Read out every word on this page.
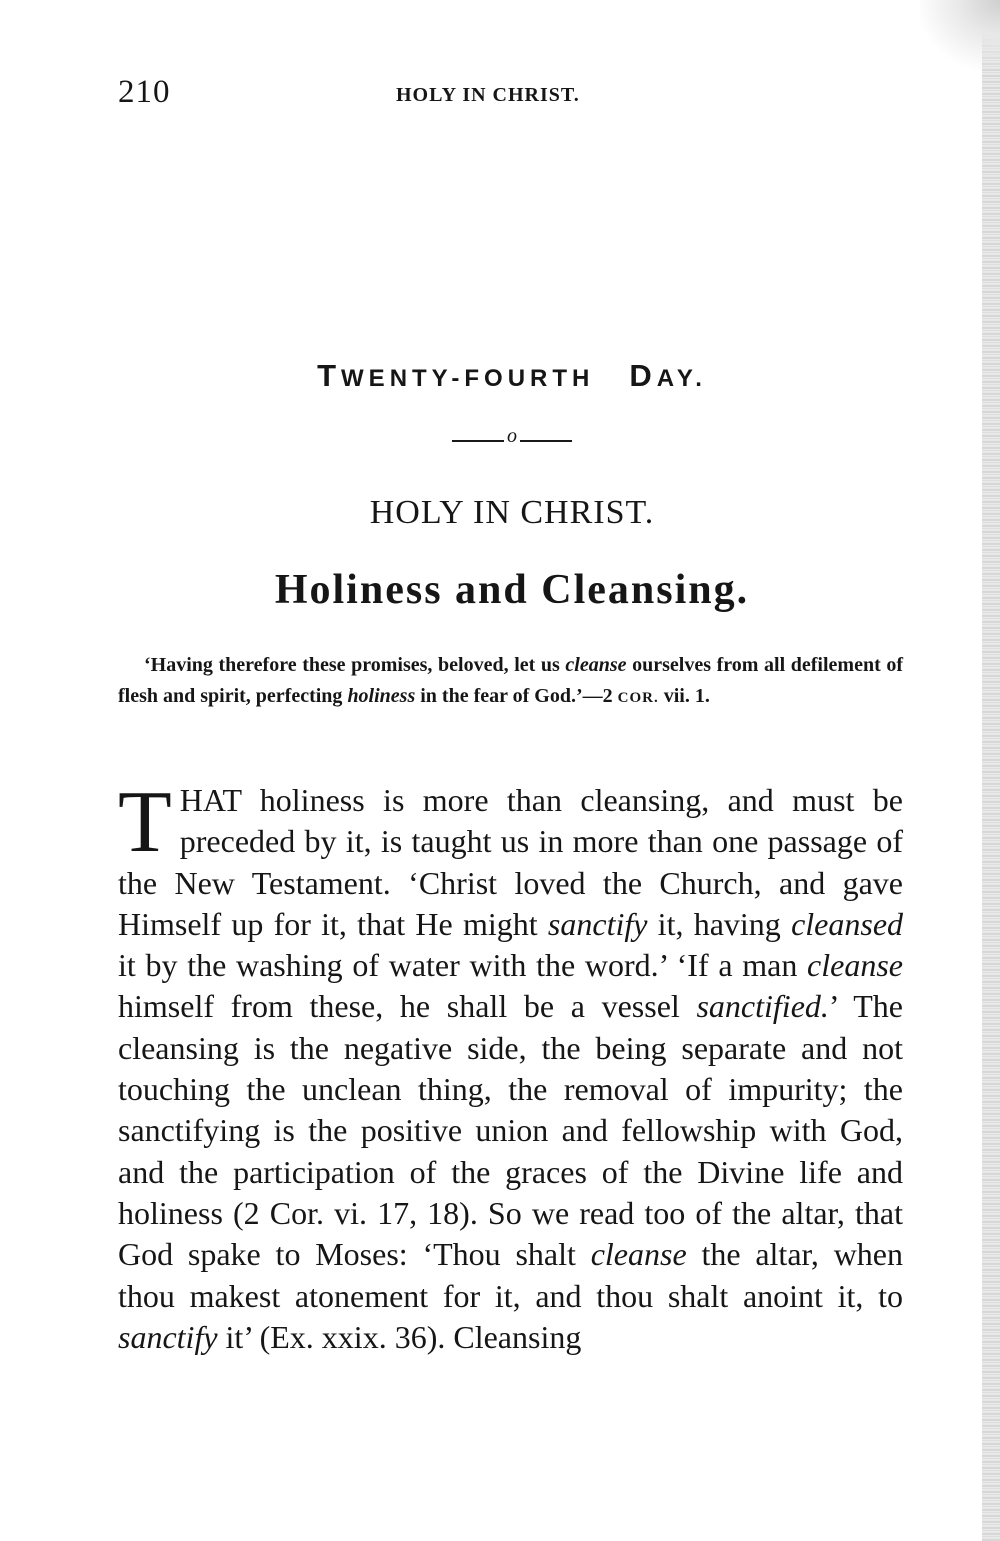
210	HOLY IN CHRIST.
TWENTY-FOURTH DAY.
o
HOLY IN CHRIST.
Holiness and Cleansing.

‘Having therefore these promises, beloved, let us cleanse ourselves from all defilement of flesh and spirit, perfecting holiness in the fear of God.’—2 COR. vii. 1.

THAT holiness is more than cleansing, and must be preceded by it, is taught us in more than one passage of the New Testament. ‘Christ loved the Church, and gave Himself up for it, that He might sanctify it, having cleansed it by the washing of water with the word.’ ‘If a man cleanse himself from these, he shall be a vessel sanctified.’ The cleansing is the negative side, the being separate and not touching the unclean thing, the removal of impurity; the sanctifying is the positive union and fellowship with God, and the participation of the graces of the Divine life and holiness (2 Cor. vi. 17, 18). So we read too of the altar, that God spake to Moses: ‘Thou shalt cleanse the altar, when thou makest atonement for it, and thou shalt anoint it, to sanctify it’ (Ex. xxix. 36). Cleansing
